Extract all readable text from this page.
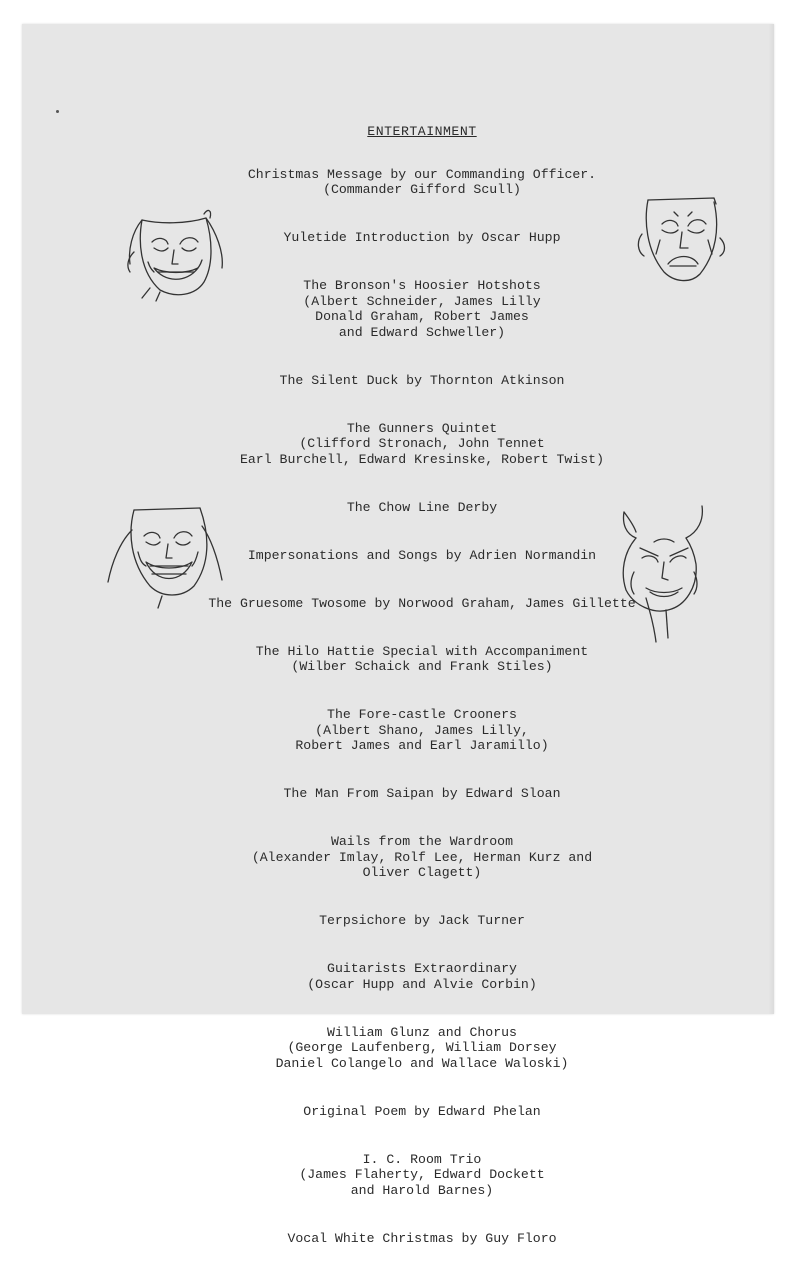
ENTERTAINMENT

Christmas Message by our Commanding Officer.
(Commander Gifford Scull)

Yuletide Introduction by Oscar Hupp

The Bronson's Hoosier Hotshots
(Albert Schneider, James Lilly
Donald Graham, Robert James
and Edward Schweller)

The Silent Duck by Thornton Atkinson

The Gunners Quintet
(Clifford Stronach, John Tennet
Earl Burchell, Edward Kresinske, Robert Twist)

The Chow Line Derby

Impersonations and Songs by Adrien Normandin

The Gruesome Twosome by Norwood Graham, James Gillette

The Hilo Hattie Special with Accompaniment
(Wilber Schaick and Frank Stiles)

The Fore-castle Crooners
(Albert Shano, James Lilly,
Robert James and Earl Jaramillo)

The Man From Saipan by Edward Sloan

Wails from the Wardroom
(Alexander Imlay, Rolf Lee, Herman Kurz and
Oliver Clagett)

Terpsichore by Jack Turner

Guitarists Extraordinary
(Oscar Hupp and Alvie Corbin)

William Glunz and Chorus
(George Laufenberg, William Dorsey
Daniel Colangelo and Wallace Waloski)

Original Poem by Edward Phelan

I. C. Room Trio
(James Flaherty, Edward Dockett
and Harold Barnes)

Vocal White Christmas by Guy Floro
